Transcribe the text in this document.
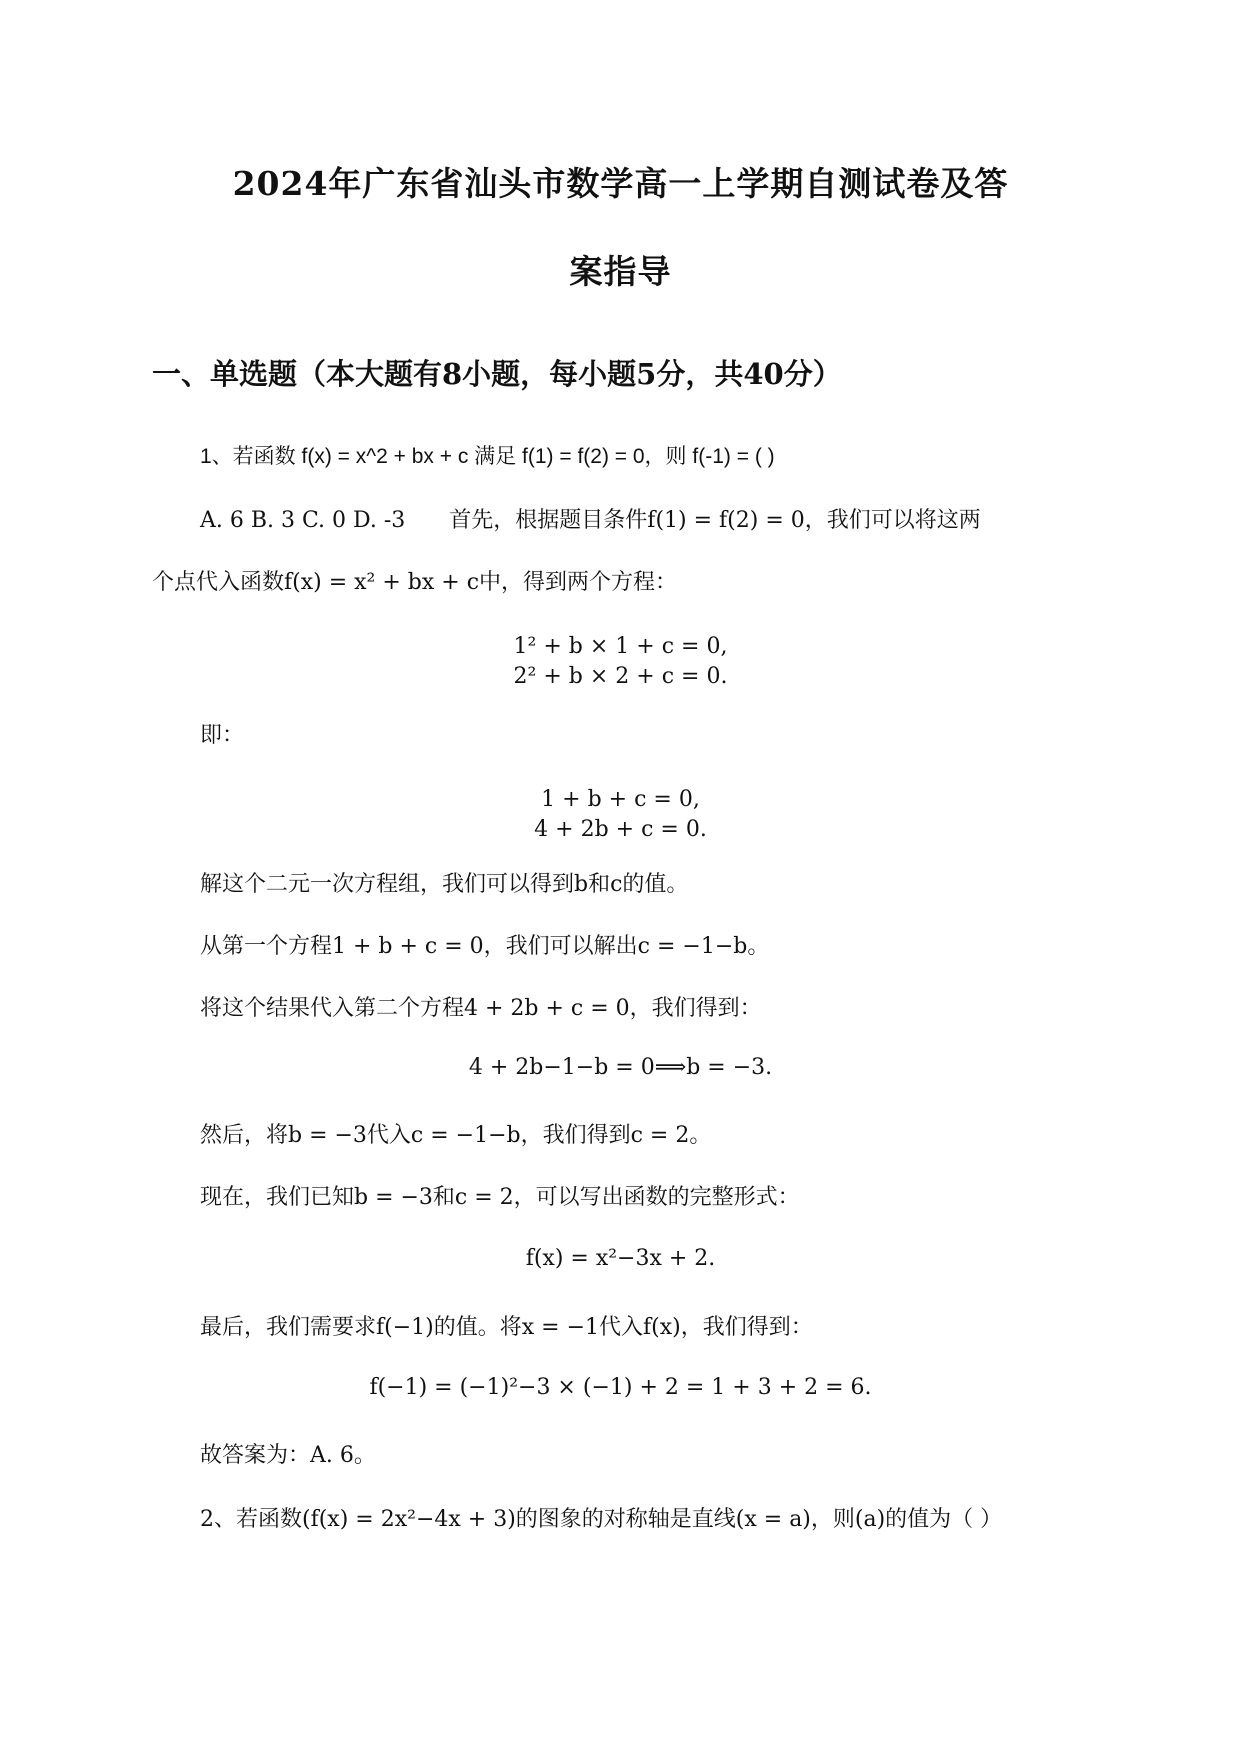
2024年广东省汕头市数学高一上学期自测试卷及答
案指导
一、单选题（本大题有8小题，每小题5分，共40分）
1、若函数 f(x) = x^2 + bx + c 满足 f(1) = f(2) = 0，则 f(-1) = ( )
A. 6 B. 3 C. 0 D. -3　　首先，根据题目条件f(1) = f(2) = 0，我们可以将这两
个点代入函数f(x) = x² + bx + c中，得到两个方程：
1² + b × 1 + c = 0,
2² + b × 2 + c = 0.
即：
1 + b + c = 0,
4 + 2b + c = 0.
解这个二元一次方程组，我们可以得到b和c的值。
从第一个方程1 + b + c = 0，我们可以解出c = −1−b。
将这个结果代入第二个方程4 + 2b + c = 0，我们得到：
4 + 2b−1−b = 0⟹b = −3.
然后，将b = −3代入c = −1−b，我们得到c = 2。
现在，我们已知b = −3和c = 2，可以写出函数的完整形式：
f(x) = x²−3x + 2.
最后，我们需要求f(−1)的值。将x = −1代入f(x)，我们得到：
f(−1) = (−1)²−3 × (−1) + 2 = 1 + 3 + 2 = 6.
故答案为：A. 6。
2、若函数(f(x) = 2x²−4x + 3)的图象的对称轴是直线(x = a)，则(a)的值为（ ）
